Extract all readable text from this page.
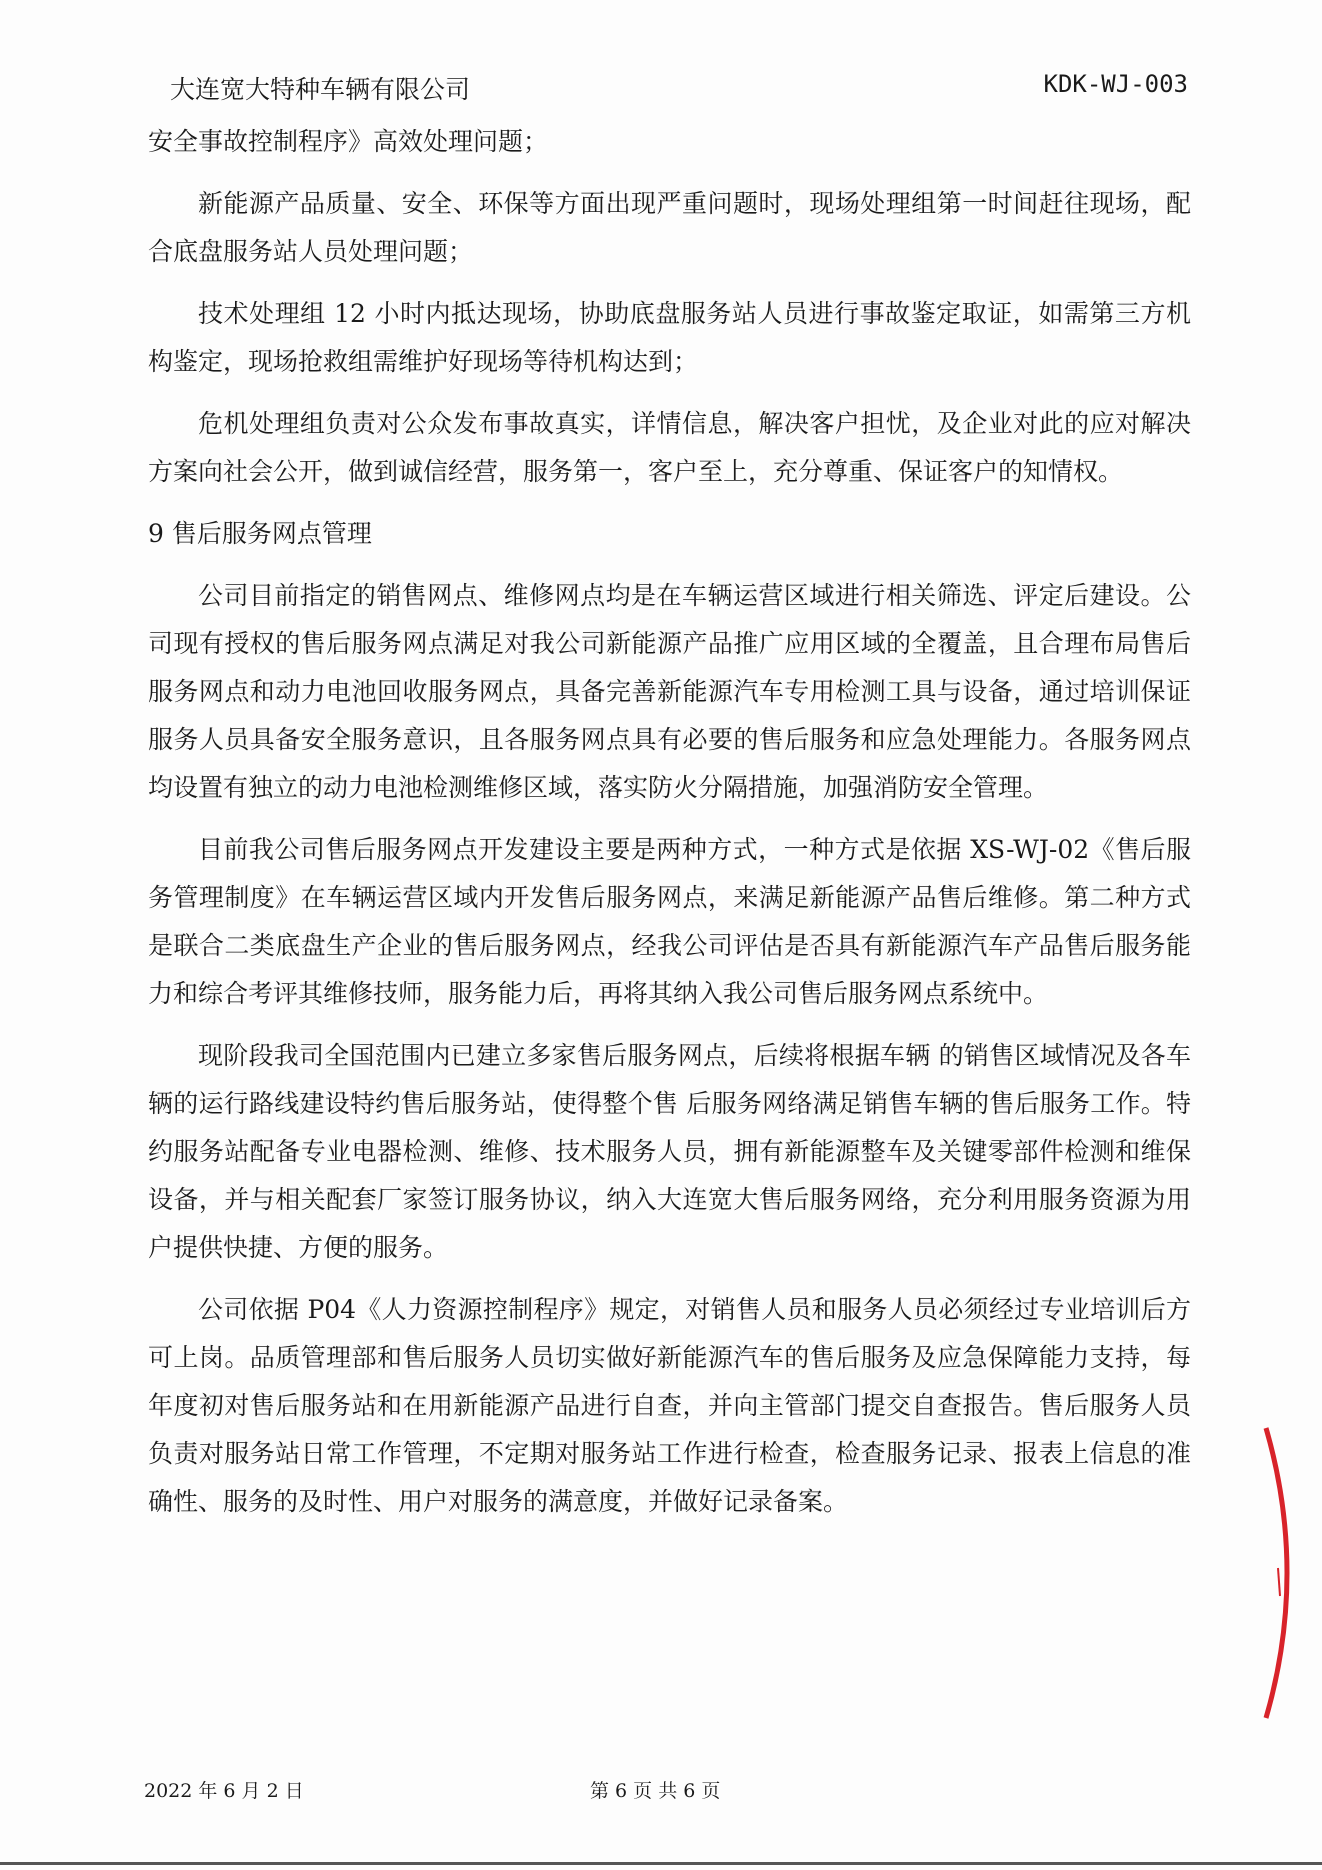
大连宽大特种车辆有限公司	KDK-WJ-003

安全事故控制程序》高效处理问题；

新能源产品质量、安全、环保等方面出现严重问题时，现场处理组第一时间赶往现场，配合底盘服务站人员处理问题；

技术处理组 12 小时内抵达现场，协助底盘服务站人员进行事故鉴定取证，如需第三方机构鉴定，现场抢救组需维护好现场等待机构达到；

危机处理组负责对公众发布事故真实，详情信息，解决客户担忧，及企业对此的应对解决方案向社会公开，做到诚信经营，服务第一，客户至上，充分尊重、保证客户的知情权。

9 售后服务网点管理

公司目前指定的销售网点、维修网点均是在车辆运营区域进行相关筛选、评定后建设。公司现有授权的售后服务网点满足对我公司新能源产品推广应用区域的全覆盖，且合理布局售后服务网点和动力电池回收服务网点，具备完善新能源汽车专用检测工具与设备，通过培训保证服务人员具备安全服务意识，且各服务网点具有必要的售后服务和应急处理能力。各服务网点均设置有独立的动力电池检测维修区域，落实防火分隔措施，加强消防安全管理。

目前我公司售后服务网点开发建设主要是两种方式，一种方式是依据 XS-WJ-02《售后服务管理制度》在车辆运营区域内开发售后服务网点，来满足新能源产品售后维修。第二种方式是联合二类底盘生产企业的售后服务网点，经我公司评估是否具有新能源汽车产品售后服务能力和综合考评其维修技师，服务能力后，再将其纳入我公司售后服务网点系统中。

现阶段我司全国范围内已建立多家售后服务网点，后续将根据车辆 的销售区域情况及各车辆的运行路线建设特约售后服务站，使得整个售 后服务网络满足销售车辆的售后服务工作。特约服务站配备专业电器检测、维修、技术服务人员，拥有新能源整车及关键零部件检测和维保设备，并与相关配套厂家签订服务协议，纳入大连宽大售后服务网络，充分利用服务资源为用户提供快捷、方便的服务。

公司依据 P04《人力资源控制程序》规定，对销售人员和服务人员必须经过专业培训后方可上岗。品质管理部和售后服务人员切实做好新能源汽车的售后服务及应急保障能力支持，每年度初对售后服务站和在用新能源产品进行自查，并向主管部门提交自查报告。售后服务人员负责对服务站日常工作管理，不定期对服务站工作进行检查，检查服务记录、报表上信息的准确性、服务的及时性、用户对服务的满意度，并做好记录备案。

2022 年 6 月 2 日	第 6 页 共 6 页
